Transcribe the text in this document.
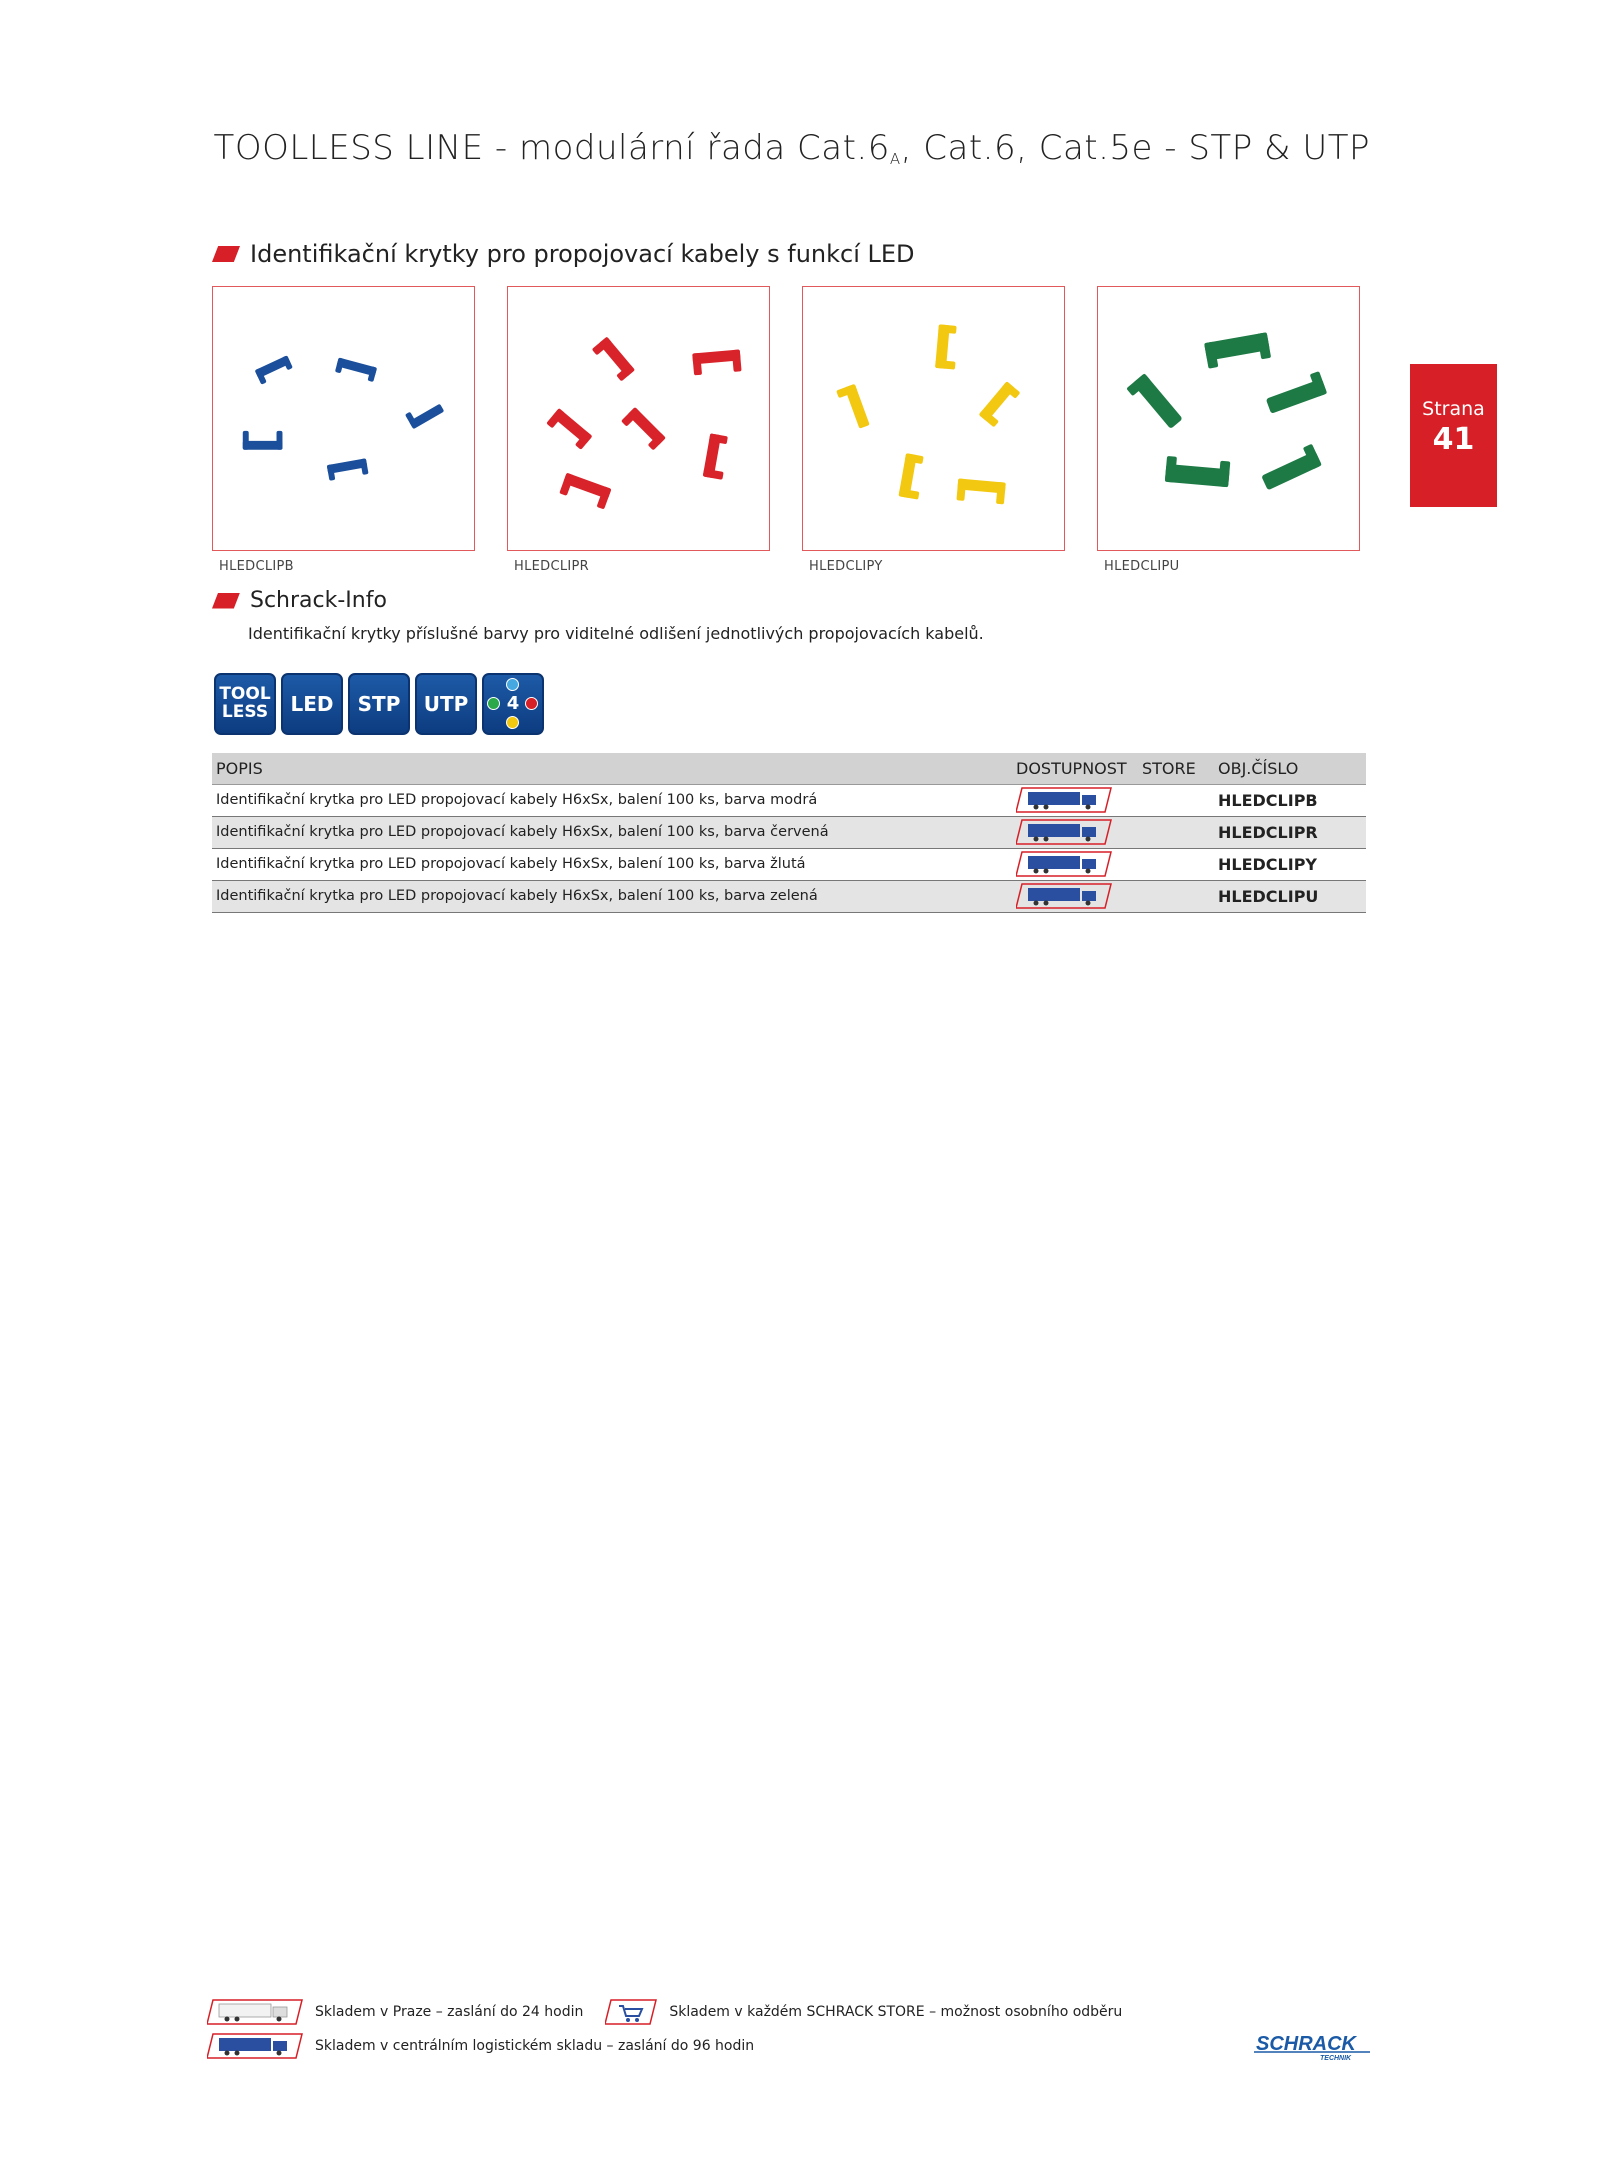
TOOLLESS LINE - modulární řada $Cat.6_A$, Cat.6, Cat.5e - STP & UTP
Identifikační krytky pro propojovací kabely s funkcí LED
HLEDCLIPB	HLEDCLIPR	HLEDCLIPY	HLEDCLIPU
Strana
41
Schrack-Info
Identifikační krytky příslušné barvy pro viditelné odlišení jednotlivých propojovacích kabelů.
TOOL
LESS	LED	STP	UTP	4
POPIS	DOSTUPNOST	STORE	OBJ.ČÍSLO
Identifikační krytka pro LED propojovací kabely H6xSx, balení 100 ks, barva modrá			HLEDCLIPB
Identifikační krytka pro LED propojovací kabely H6xSx, balení 100 ks, barva červená			HLEDCLIPR
Identifikační krytka pro LED propojovací kabely H6xSx, balení 100 ks, barva žlutá			HLEDCLIPY
Identifikační krytka pro LED propojovací kabely H6xSx, balení 100 ks, barva zelená			HLEDCLIPU
Skladem v Praze – zaslání do 24 hodin	Skladem v každém SCHRACK STORE – možnost osobního odběru
Skladem v centrálním logistickém skladu – zaslání do 96 hodin	SCHRACK
TECHNIK
